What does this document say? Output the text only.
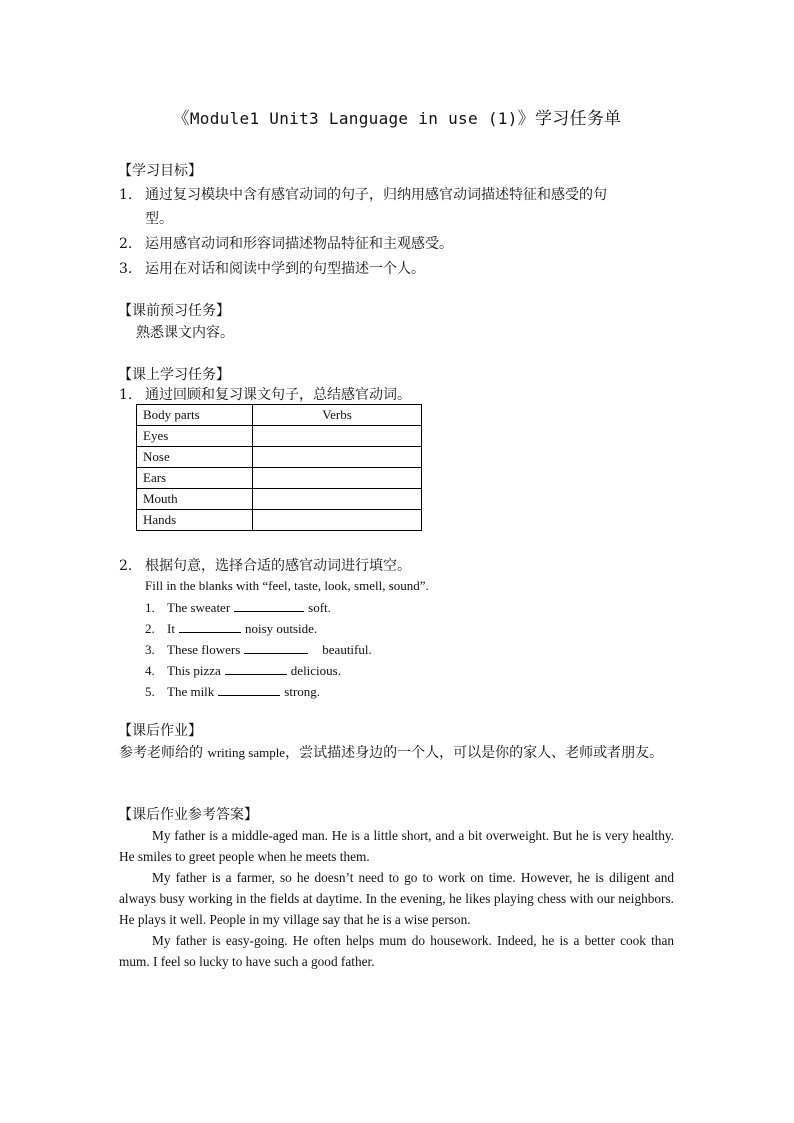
《Module1 Unit3 Language in use (1)》学习任务单
【学习目标】
1. 通过复习模块中含有感官动词的句子，归纳用感官动词描述特征和感受的句
型。
2. 运用感官动词和形容词描述物品特征和主观感受。
3. 运用在对话和阅读中学到的句型描述一个人。
【课前预习任务】
熟悉课文内容。
【课上学习任务】
1. 通过回顾和复习课文句子，总结感官动词。
Body parts	Verbs
Eyes	
Nose	
Ears	
Mouth	
Hands	
2. 根据句意，选择合适的感官动词进行填空。
Fill in the blanks with “feel, taste, look, smell, sound”.
1. The sweater	soft.
2. It	noisy outside.
3. These flowers	beautiful.
4. This pizza	delicious.
5. The milk	strong.
【课后作业】
参考老师给的 writing sample，尝试描述身边的一个人，可以是你的家人、老师或者朋友。
【课后作业参考答案】

My father is a middle-aged man. He is a little short, and a bit overweight. But he is very healthy. He smiles to greet people when he meets them.

My father is a farmer, so he doesn’t need to go to work on time. However, he is diligent and always busy working in the fields at daytime. In the evening, he likes playing chess with our neighbors. He plays it well. People in my village say that he is a wise person.

My father is easy-going. He often helps mum do housework. Indeed, he is a better cook than mum. I feel so lucky to have such a good father.
